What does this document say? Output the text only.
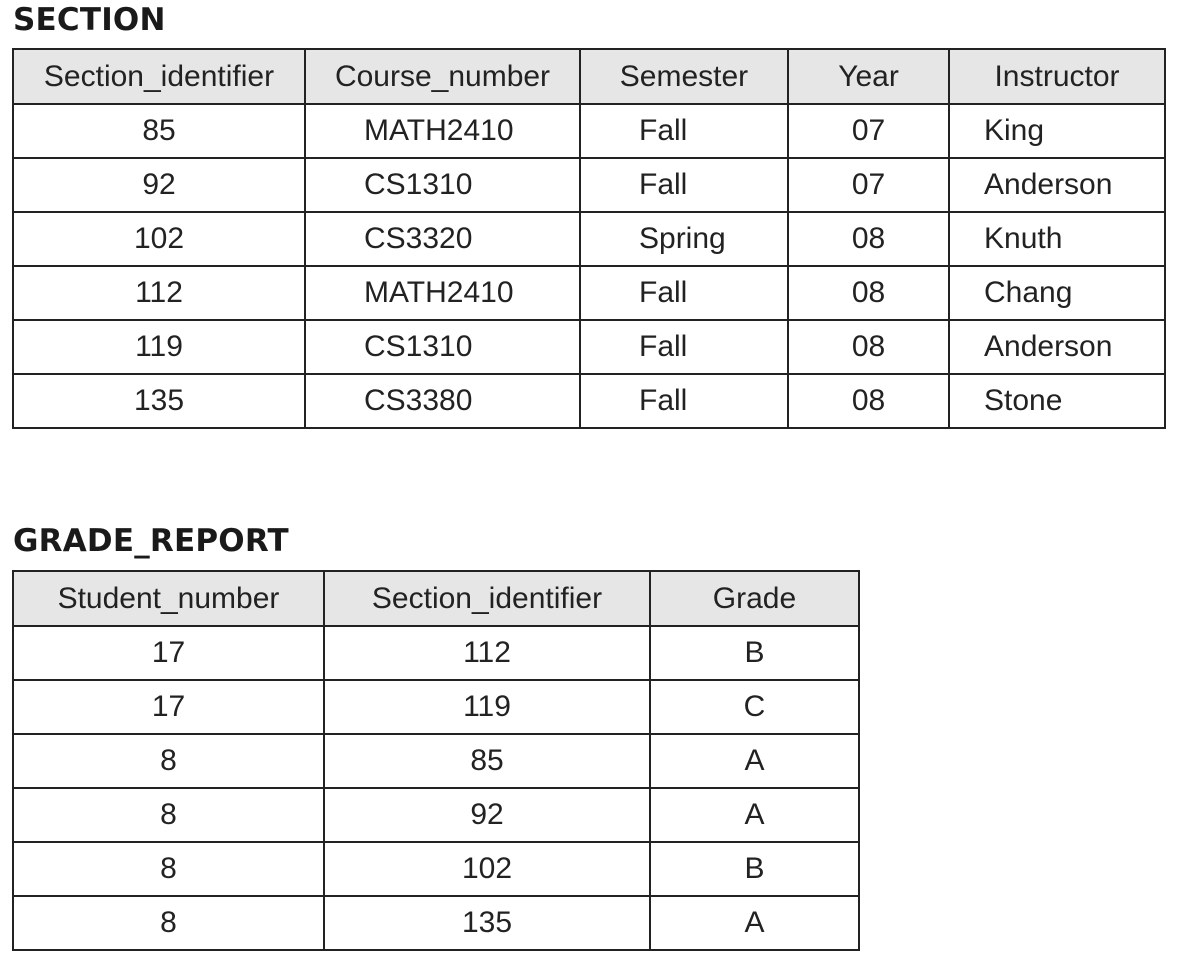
SECTION
Section_identifier	Course_number	Semester	Year	Instructor
85	MATH2410	Fall	07	King
92	CS1310	Fall	07	Anderson
102	CS3320	Spring	08	Knuth
112	MATH2410	Fall	08	Chang
119	CS1310	Fall	08	Anderson
135	CS3380	Fall	08	Stone
GRADE_REPORT
Student_number	Section_identifier	Grade
17	112	B
17	119	C
8	85	A
8	92	A
8	102	B
8	135	A
